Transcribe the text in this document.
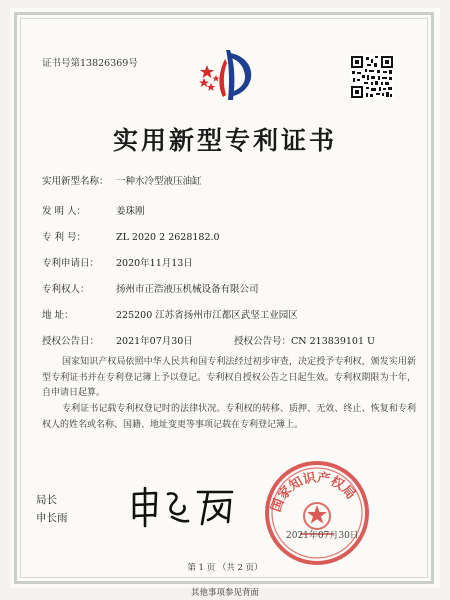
证书号第13826369号
实用新型专利证书
实用新型名称： 一种水冷型液压油缸
发 明 人：	姜珠刚
专 利 号：	ZL 2020 2 2628182.0
专利申请日： 2020年11月13日
专利权人：	扬州市正浩液压机械设备有限公司
地 址：	225200 江苏省扬州市江都区武坚工业园区
授权公告日： 2021年07月30日	授权公告号：CN 213839101 U
国家知识产权局依照中华人民共和国专利法经过初步审查，决定授予专利权，颁发实用新型专利证书并在专利登记簿上予以登记。专利权自授权公告之日起生效。专利权期限为十年，自申请日起算。
专利证书记载专利权登记时的法律状况。专利权的转移、质押、无效、终止、恢复和专利权人的姓名或名称、国籍、地址变更等事项记载在专利登记簿上。
局长
申长雨
国家知识产权局
2021年07月30日
第 1 页 （共 2 页）
其他事项参见背面
